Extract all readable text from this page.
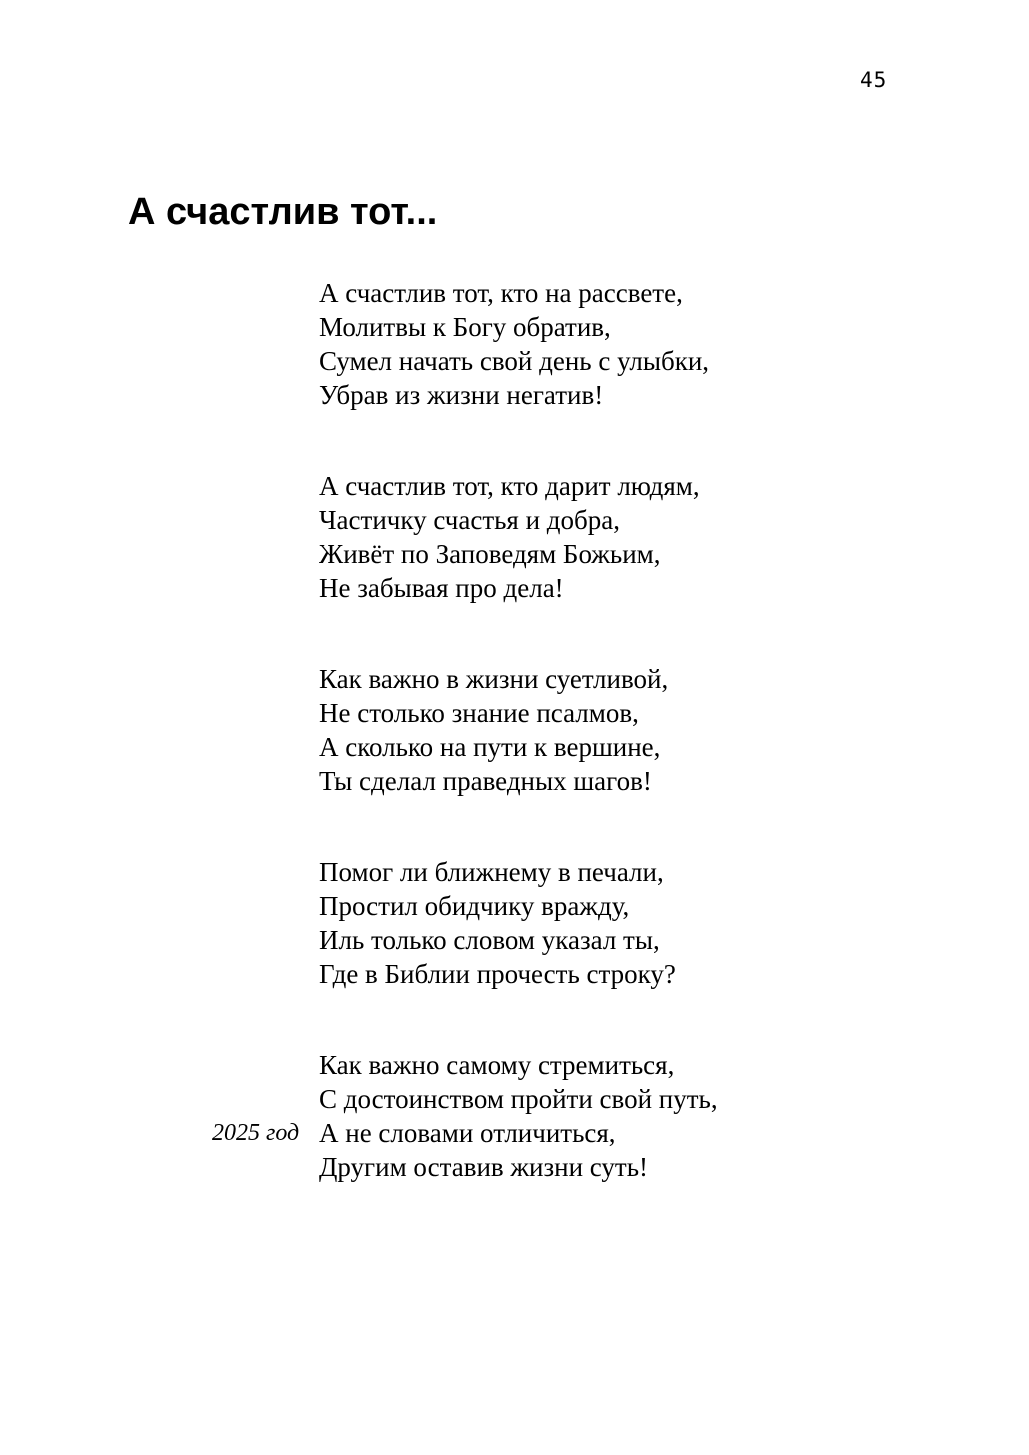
45
А счастлив тот...
А счастлив тот, кто на рассвете,
Молитвы к Богу обратив,
Сумел начать свой день с улыбки,
Убрав из жизни негатив!
А счастлив тот, кто дарит людям,
Частичку счастья и добра,
Живёт по Заповедям Божьим,
Не забывая про дела!
Как важно в жизни суетливой,
Не столько знание псалмов,
А сколько на пути к вершине,
Ты сделал праведных шагов!
Помог ли ближнему в печали,
Простил обидчику вражду,
Иль только словом указал ты,
Где в Библии прочесть строку?
Как важно самому стремиться,
С достоинством пройти свой путь,
А не словами отличиться,
Другим оставив жизни суть!
2025 год
